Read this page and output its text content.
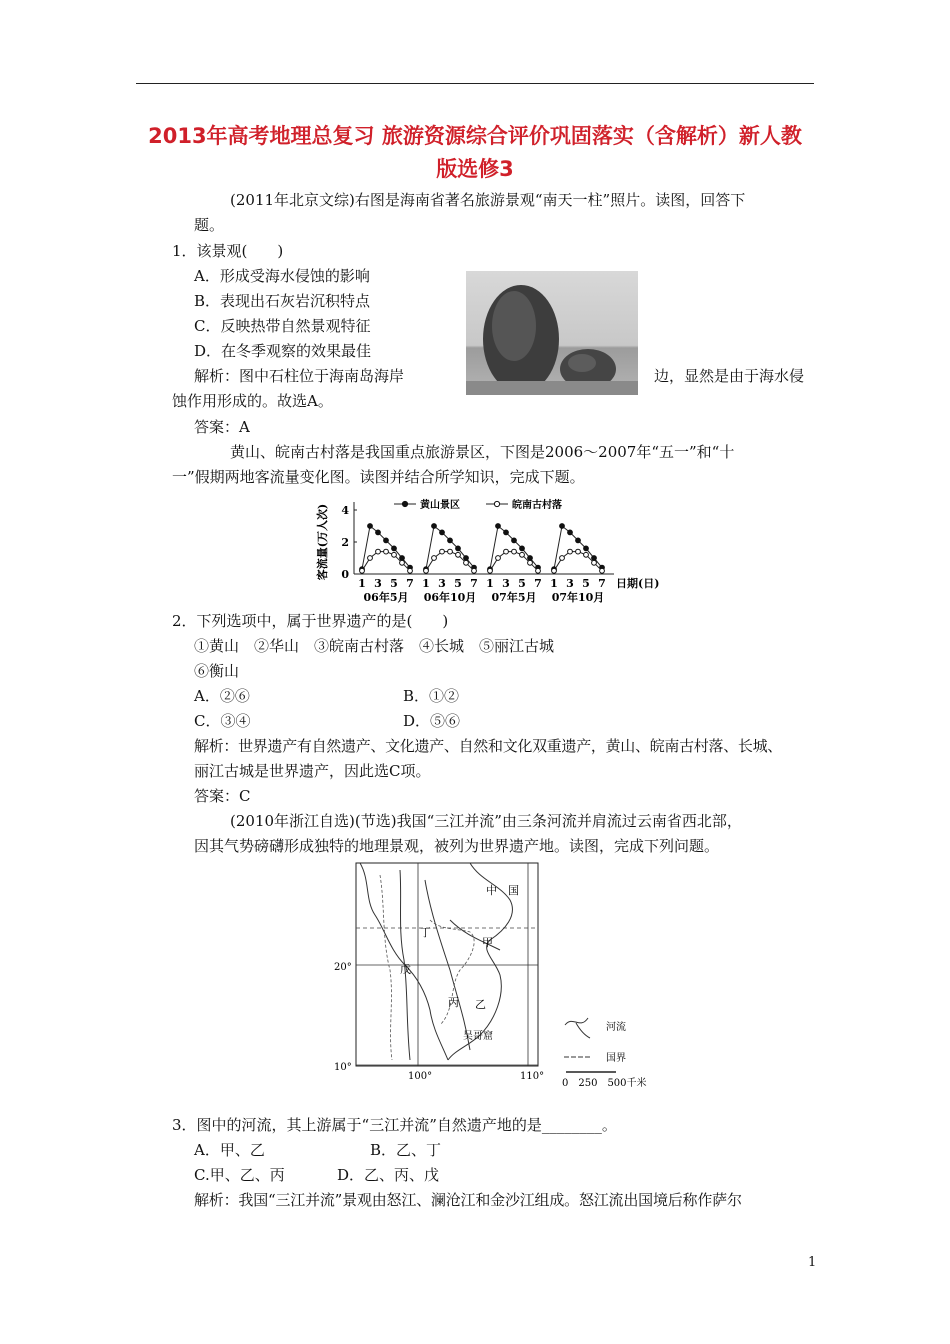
2013年高考地理总复习 旅游资源综合评价巩固落实（含解析）新人教
版选修3
(2011年北京文综)右图是海南省著名旅游景观“南天一柱”照片。读图，回答下
题。
1．该景观(　　)
A．形成受海水侵蚀的影响
B．表现出石灰岩沉积特点
C．反映热带自然景观特征
D．在冬季观察的效果最佳
解析：图中石柱位于海南岛海岸	边，显然是由于海水侵
蚀作用形成的。故选A。
答案：A
黄山、皖南古村落是我国重点旅游景区，下图是2006～2007年“五一”和“十
一”假期两地客流量变化图。读图并结合所学知识，完成下题。
客流量(万人次) 4
2
0
黄山景区	皖南古村落
1 3 5 7
06年5月
1 3 5 7
06年10月
1 3 5 7
07年5月
1 3 5 7
07年10月
日期(日)
2．下列选项中，属于世界遗产的是(　　)
①黄山　②华山　③皖南古村落　④长城　⑤丽江古城
⑥衡山
A．②⑥	B．①②
C．③④	D．⑤⑥
解析：世界遗产有自然遗产、文化遗产、自然和文化双重遗产，黄山、皖南古村落、长城、
丽江古城是世界遗产，因此选C项。
答案：C
(2010年浙江自选)(节选)我国“三江并流”由三条河流并肩流过云南省西北部，
因其气势磅礴形成独特的地理景观，被列为世界遗产地。读图，完成下列问题。
中　国
甲
丁
戊
乙
丙
吴哥窟
20°
10°
100°	110°
河流
国界
0　250　500千米
3．图中的河流，其上游属于“三江并流”自然遗产地的是________。
A．甲、乙	B．乙、丁
C.甲、乙、丙	D．乙、丙、戊
解析：我国“三江并流”景观由怒江、澜沧江和金沙江组成。怒江流出国境后称作萨尔
1
